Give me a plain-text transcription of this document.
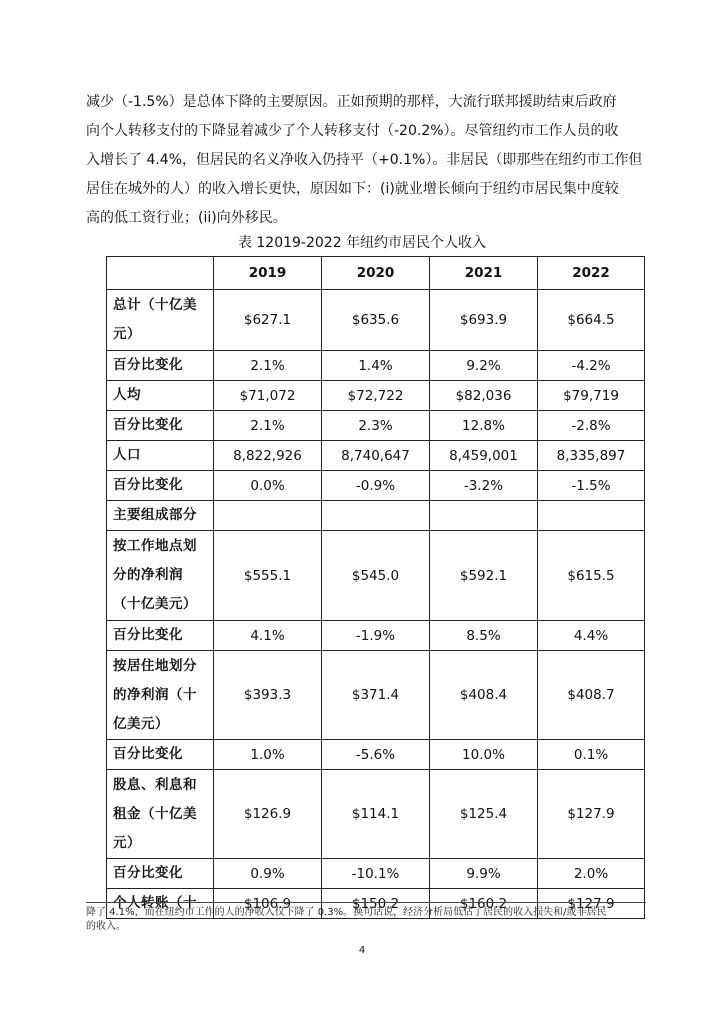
减少（-1.5%）是总体下降的主要原因。正如预期的那样，大流行联邦援助结束后政府

向个人转移支付的下降显着减少了个人转移支付（-20.2%）。尽管纽约市工作人员的收

入增长了 4.4%，但居民的名义净收入仍持平（+0.1%）。非居民（即那些在纽约市工作但

居住在城外的人）的收入增长更快，原因如下：(i)就业增长倾向于纽约市居民集中度较

高的低工资行业；(ii)向外移民。

表 12019-2022 年纽约市居民个人收入
	2019	2020	2021	2022
总计（十亿美元）	$627.1	$635.6	$693.9	$664.5
百分比变化	2.1%	1.4%	9.2%	-4.2%
人均	$71,072	$72,722	$82,036	$79,719
百分比变化	2.1%	2.3%	12.8%	-2.8%
人口	8,822,926	8,740,647	8,459,001	8,335,897
百分比变化	0.0%	-0.9%	-3.2%	-1.5%
主要组成部分				
按工作地点划分的净利润（十亿美元）	$555.1	$545.0	$592.1	$615.5
百分比变化	4.1%	-1.9%	8.5%	4.4%
按居住地划分的净利润（十亿美元）	$393.3	$371.4	$408.4	$408.7
百分比变化	1.0%	-5.6%	10.0%	0.1%
股息、利息和租金（十亿美元）	$126.9	$114.1	$125.4	$127.9
百分比变化	0.9%	-10.1%	9.9%	2.0%
个人转账（十	$106.9	$150.2	$160.2	$127.9

降了 4.1%，而在纽约市工作的人的净收入仅下降了 0.3%。换句话说，经济分析局低估了居民的收入损失和/或非居民

的收入。

4
